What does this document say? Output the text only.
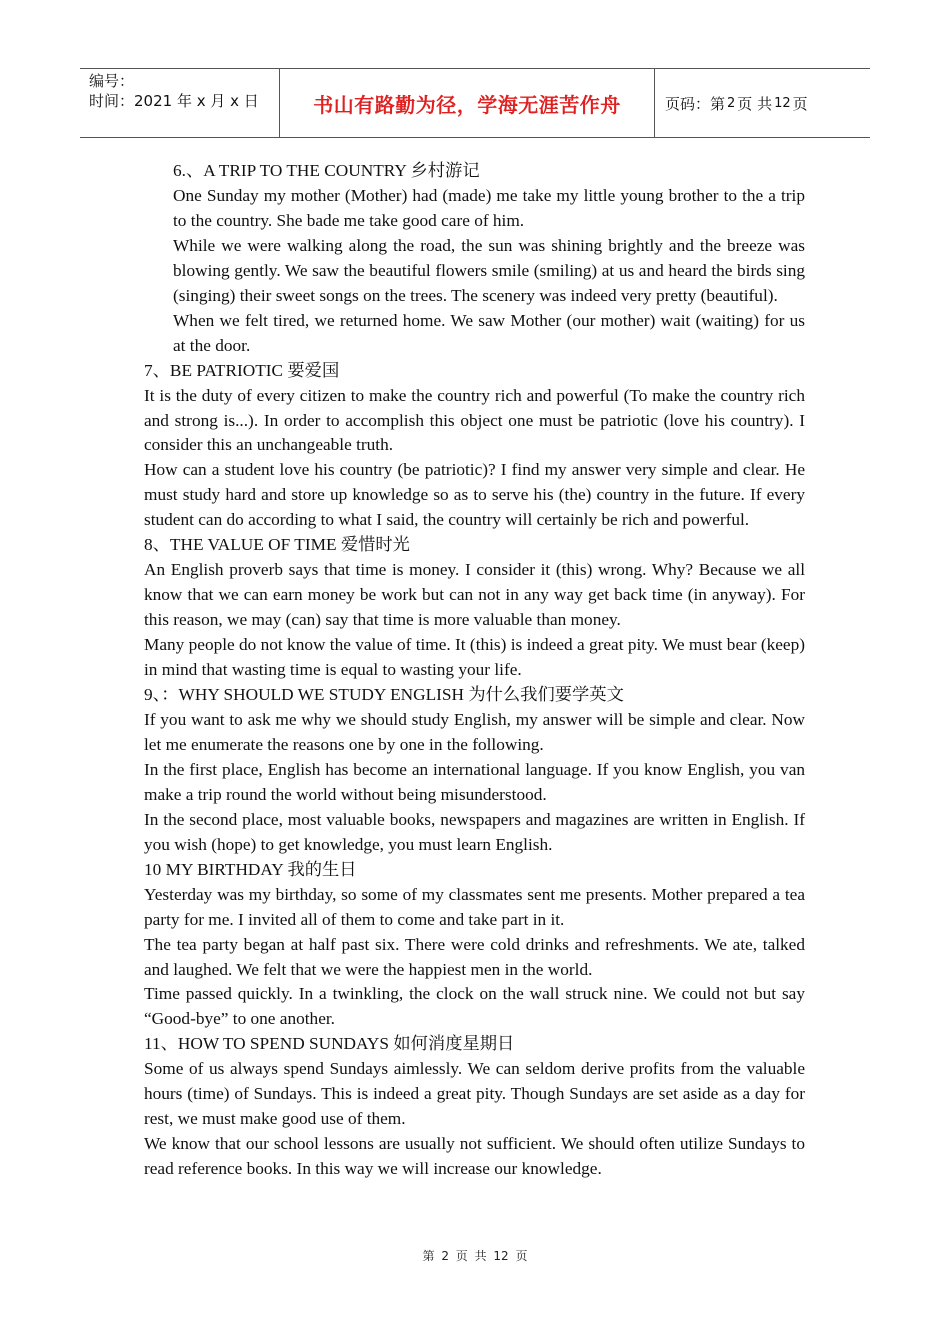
编号：
时间：2021 年 x 月 x 日	书山有路勤为径，学海无涯苦作舟	页码：第 2 页 共 12 页

6.、A TRIP TO THE COUNTRY 乡村游记

One Sunday my mother (Mother) had (made) me take my little young brother to the a trip to the country. She bade me take good care of him.

While we were walking along the road, the sun was shining brightly and the breeze was blowing gently. We saw the beautiful flowers smile (smiling) at us and heard the birds sing (singing) their sweet songs on the trees. The scenery was indeed very pretty (beautiful).

When we felt tired, we returned home. We saw Mother (our mother) wait (waiting) for us at the door.

7、BE PATRIOTIC 要爱国

It is the duty of every citizen to make the country rich and powerful (To make the country rich and strong is...). In order to accomplish this object one must be patriotic (love his country). I consider this an unchangeable truth.

How can a student love his country (be patriotic)? I find my answer very simple and clear. He must study hard and store up knowledge so as to serve his (the) country in the future. If every student can do according to what I said, the country will certainly be rich and powerful.

8、THE VALUE OF TIME 爱惜时光

An English proverb says that time is money. I consider it (this) wrong. Why? Because we all know that we can earn money be work but can not in any way get back time (in anyway). For this reason, we may (can) say that time is more valuable than money.

Many people do not know the value of time. It (this) is indeed a great pity. We must bear (keep) in mind that wasting time is equal to wasting your life.

9、：WHY SHOULD WE STUDY ENGLISH 为什么我们要学英文

If you want to ask me why we should study English, my answer will be simple and clear. Now let me enumerate the reasons one by one in the following.

In the first place, English has become an international language. If you know English, you van make a trip round the world without being misunderstood.

In the second place, most valuable books, newspapers and magazines are written in English. If you wish (hope) to get knowledge, you must learn English.

10 MY BIRTHDAY 我的生日

Yesterday was my birthday, so some of my classmates sent me presents. Mother prepared a tea party for me. I invited all of them to come and take part in it.

The tea party began at half past six. There were cold drinks and refreshments. We ate, talked and laughed. We felt that we were the happiest men in the world.

Time passed quickly. In a twinkling, the clock on the wall struck nine. We could not but say “Good-bye” to one another.

11、HOW TO SPEND SUNDAYS 如何消度星期日

Some of us always spend Sundays aimlessly. We can seldom derive profits from the valuable hours (time) of Sundays. This is indeed a great pity. Though Sundays are set aside as a day for rest, we must make good use of them.

We know that our school lessons are usually not sufficient. We should often utilize Sundays to read reference books. In this way we will increase our knowledge.

第 2 页 共 12 页
